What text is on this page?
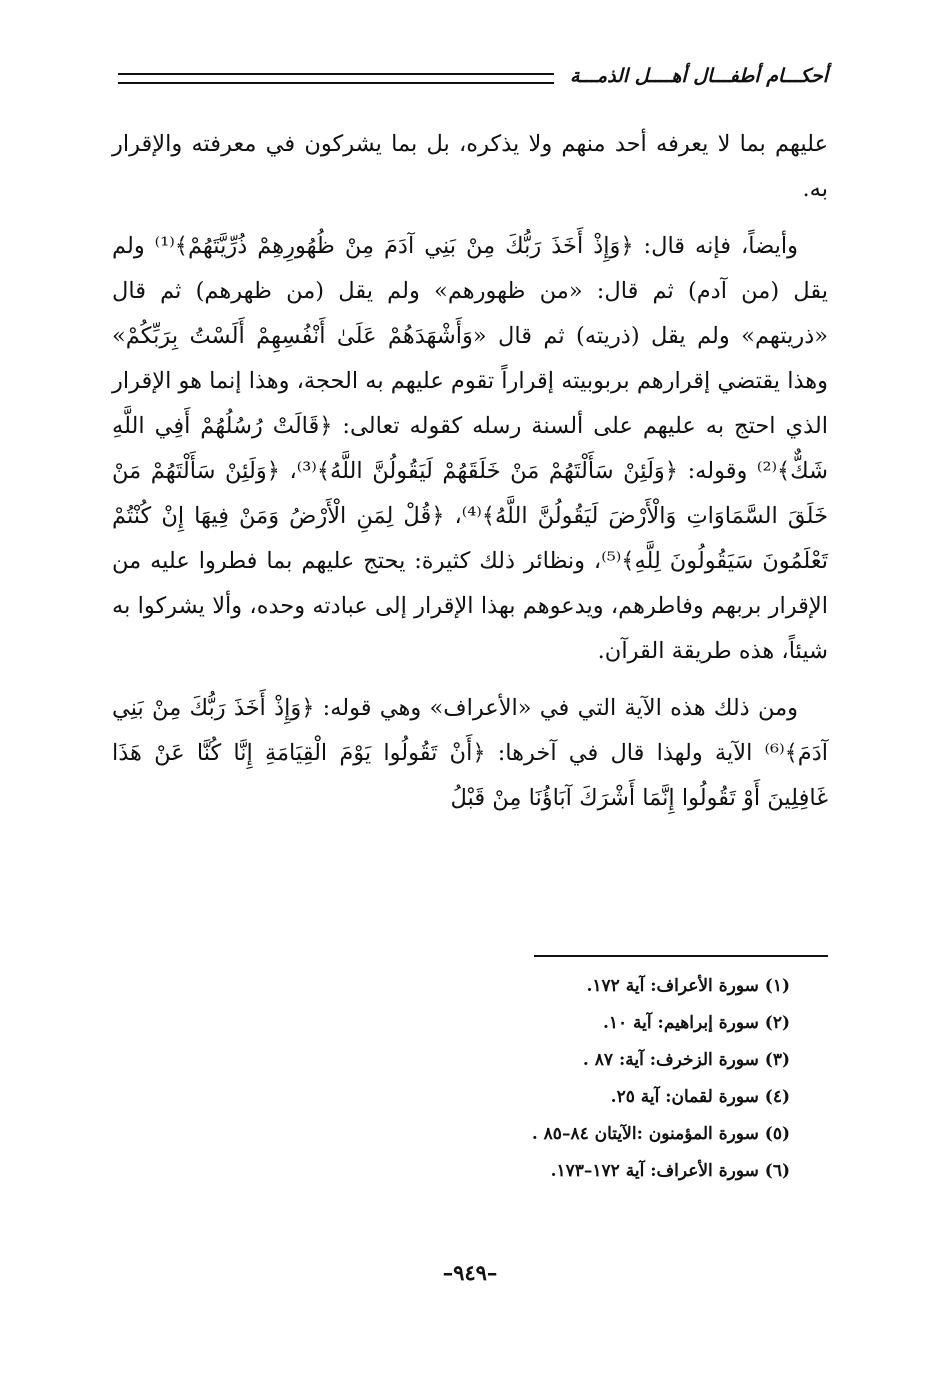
أحكـــام أطفـــال أهــــل الذمـــة

عليهم بما لا يعرفه أحد منهم ولا يذكره، بل بما يشركون في معرفته والإقرار به.

وأيضاً، فإنه قال: ﴿وَإِذْ أَخَذَ رَبُّكَ مِنْ بَنِي آدَمَ مِنْ ظُهُورِهِمْ ذُرِّيَّتَهُمْ﴾⁽¹⁾ ولم يقل (من آدم) ثم قال: «من ظهورهم» ولم يقل (من ظهرهم) ثم قال «ذريتهم» ولم يقل (ذريته) ثم قال «وَأَشْهَدَهُمْ عَلَىٰ أَنْفُسِهِمْ أَلَسْتُ بِرَبِّكُمْ» وهذا يقتضي إقرارهم بربوبيته إقراراً تقوم عليهم به الحجة، وهذا إنما هو الإقرار الذي احتج به عليهم على ألسنة رسله كقوله تعالى: ﴿قَالَتْ رُسُلُهُمْ أَفِي اللَّهِ شَكٌّ﴾⁽²⁾ وقوله: ﴿وَلَئِنْ سَأَلْتَهُمْ مَنْ خَلَقَهُمْ لَيَقُولُنَّ اللَّهُ﴾⁽³⁾، ﴿وَلَئِنْ سَأَلْتَهُمْ مَنْ خَلَقَ السَّمَاوَاتِ وَالْأَرْضَ لَيَقُولُنَّ اللَّهُ﴾⁽⁴⁾، ﴿قُلْ لِمَنِ الْأَرْضُ وَمَنْ فِيهَا إِنْ كُنْتُمْ تَعْلَمُونَ سَيَقُولُونَ لِلَّهِ﴾⁽⁵⁾، ونظائر ذلك كثيرة: يحتج عليهم بما فطروا عليه من الإقرار بربهم وفاطرهم، ويدعوهم بهذا الإقرار إلى عبادته وحده، وألا يشركوا به شيئاً، هذه طريقة القرآن.

ومن ذلك هذه الآية التي في «الأعراف» وهي قوله: ﴿وَإِذْ أَخَذَ رَبُّكَ مِنْ بَنِي آدَمَ﴾⁽⁶⁾ الآية ولهذا قال في آخرها: ﴿أَنْ تَقُولُوا يَوْمَ الْقِيَامَةِ إِنَّا كُنَّا عَنْ هَذَا غَافِلِينَ أَوْ تَقُولُوا إِنَّمَا أَشْرَكَ آبَاؤُنَا مِنْ قَبْلُ

(١) سورة الأعراف: آية ١٧٢.
(٢) سورة إبراهيم: آية ١٠.
(٣) سورة الزخرف: آية: ٨٧ .
(٤) سورة لقمان: آية ٢٥.
(٥) سورة المؤمنون :الآيتان ٨٤–٨٥ .
(٦) سورة الأعراف: آية ١٧٢–١٧٣.
–٩٤٩–
